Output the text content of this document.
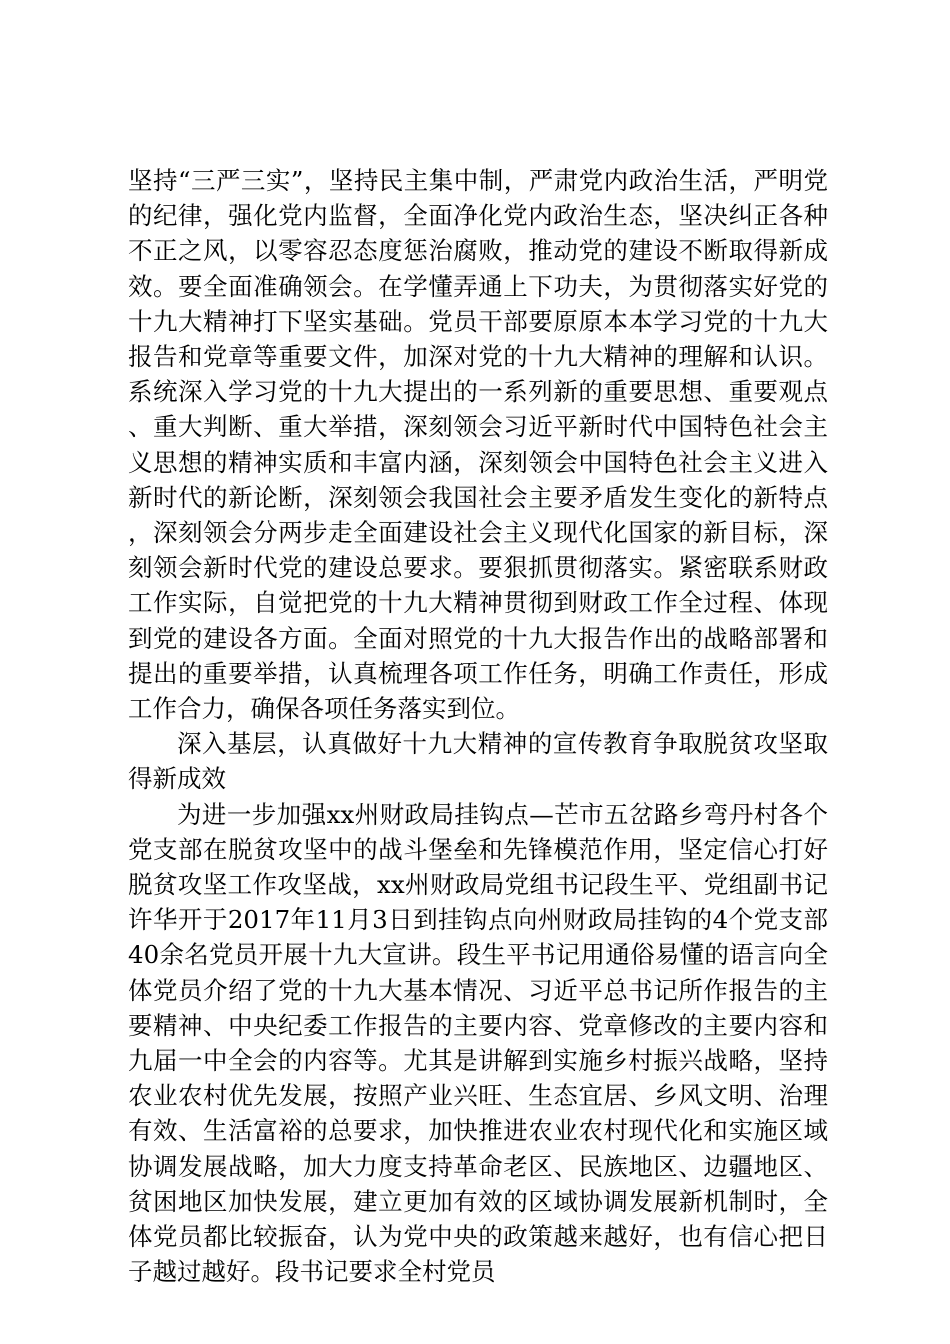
坚持“三严三实”，坚持民主集中制，严肃党内政治生活，严明党的纪律，强化党内监督，全面净化党内政治生态，坚决纠正各种不正之风，以零容忍态度惩治腐败，推动党的建设不断取得新成效。要全面准确领会。在学懂弄通上下功夫，为贯彻落实好党的十九大精神打下坚实基础。党员干部要原原本本学习党的十九大报告和党章等重要文件，加深对党的十九大精神的理解和认识。系统深入学习党的十九大提出的一系列新的重要思想、重要观点、重大判断、重大举措，深刻领会习近平新时代中国特色社会主义思想的精神实质和丰富内涵，深刻领会中国特色社会主义进入新时代的新论断，深刻领会我国社会主要矛盾发生变化的新特点，深刻领会分两步走全面建设社会主义现代化国家的新目标，深刻领会新时代党的建设总要求。要狠抓贯彻落实。紧密联系财政工作实际，自觉把党的十九大精神贯彻到财政工作全过程、体现到党的建设各方面。全面对照党的十九大报告作出的战略部署和提出的重要举措，认真梳理各项工作任务，明确工作责任，形成工作合力，确保各项任务落实到位。

深入基层，认真做好十九大精神的宣传教育争取脱贫攻坚取得新成效

为进一步加强xx州财政局挂钩点—芒市五岔路乡弯丹村各个党支部在脱贫攻坚中的战斗堡垒和先锋模范作用，坚定信心打好脱贫攻坚工作攻坚战，xx州财政局党组书记段生平、党组副书记许华开于2017年11月3日到挂钩点向州财政局挂钩的4个党支部40余名党员开展十九大宣讲。段生平书记用通俗易懂的语言向全体党员介绍了党的十九大基本情况、习近平总书记所作报告的主要精神、中央纪委工作报告的主要内容、党章修改的主要内容和九届一中全会的内容等。尤其是讲解到实施乡村振兴战略，坚持农业农村优先发展，按照产业兴旺、生态宜居、乡风文明、治理有效、生活富裕的总要求，加快推进农业农村现代化和实施区域协调发展战略，加大力度支持革命老区、民族地区、边疆地区、贫困地区加快发展，建立更加有效的区域协调发展新机制时，全体党员都比较振奋，认为党中央的政策越来越好，也有信心把日子越过越好。段书记要求全村党员
